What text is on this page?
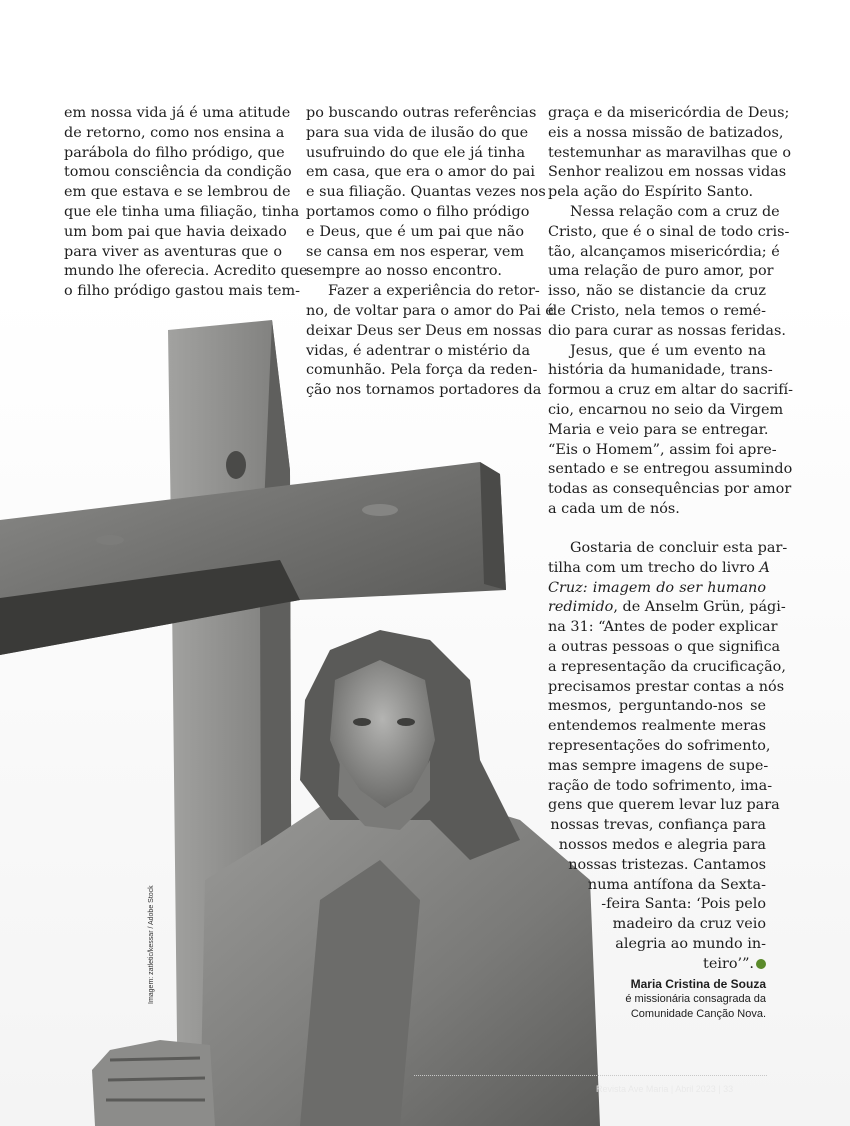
em nossa vida já é uma atitude
de retorno, como nos ensina a
parábola do filho pródigo, que
tomou consciência da condição
em que estava e se lembrou de
que ele tinha uma filiação, tinha
um bom pai que havia deixado
para viver as aventuras que o
mundo lhe oferecia. Acredito que
o filho pródigo gastou mais tem-

po buscando outras referências
para sua vida de ilusão do que
usufruindo do que ele já tinha
em casa, que era o amor do pai
e sua filiação. Quantas vezes nos
portamos como o filho pródigo
e Deus, que é um pai que não
se cansa em nos esperar, vem
sempre ao nosso encontro.

Fazer a experiência do retor-
no, de voltar para o amor do Pai é
deixar Deus ser Deus em nossas
vidas, é adentrar o mistério da
comunhão. Pela força da reden-
ção nos tornamos portadores da

graça e da misericórdia de Deus;
eis a nossa missão de batizados,
testemunhar as maravilhas que o
Senhor realizou em nossas vidas
pela ação do Espírito Santo.

Nessa relação com a cruz de
Cristo, que é o sinal de todo cris-
tão, alcançamos misericórdia; é
uma relação de puro amor, por
isso, não se distancie da cruz
de Cristo, nela temos o remé-
dio para curar as nossas feridas.

Jesus, que é um evento na
história da humanidade, trans-
formou a cruz em altar do sacrifí-
cio, encarnou no seio da Virgem
Maria e veio para se entregar.
“Eis o Homem”, assim foi apre-
sentado e se entregou assumindo
todas as consequências por amor
a cada um de nós.

Gostaria de concluir esta par-
tilha com um trecho do livro A
Cruz: imagem do ser humano
redimido, de Anselm Grün, pági-
na 31: “Antes de poder explicar
a outras pessoas o que significa
a representação da crucificação,
precisamos prestar contas a nós
mesmos, perguntando-nos se
entendemos realmente meras
representações do sofrimento,
mas sempre imagens de supe-
ração de todo sofrimento, ima-
gens que querem levar luz para
nossas trevas, confiança para
nossos medos e alegria para
nossas tristezas. Cantamos
numa antífona da Sexta-
-feira Santa: ‘Pois pelo
madeiro da cruz veio
alegria ao mundo in-
teiro’”.
Maria Cristina de Souza
é missionária consagrada da
Comunidade Canção Nova.
Imagem: zatletic/kessar / Adobe Stock
Revista Ave Maria | Abril 2023 | 33
